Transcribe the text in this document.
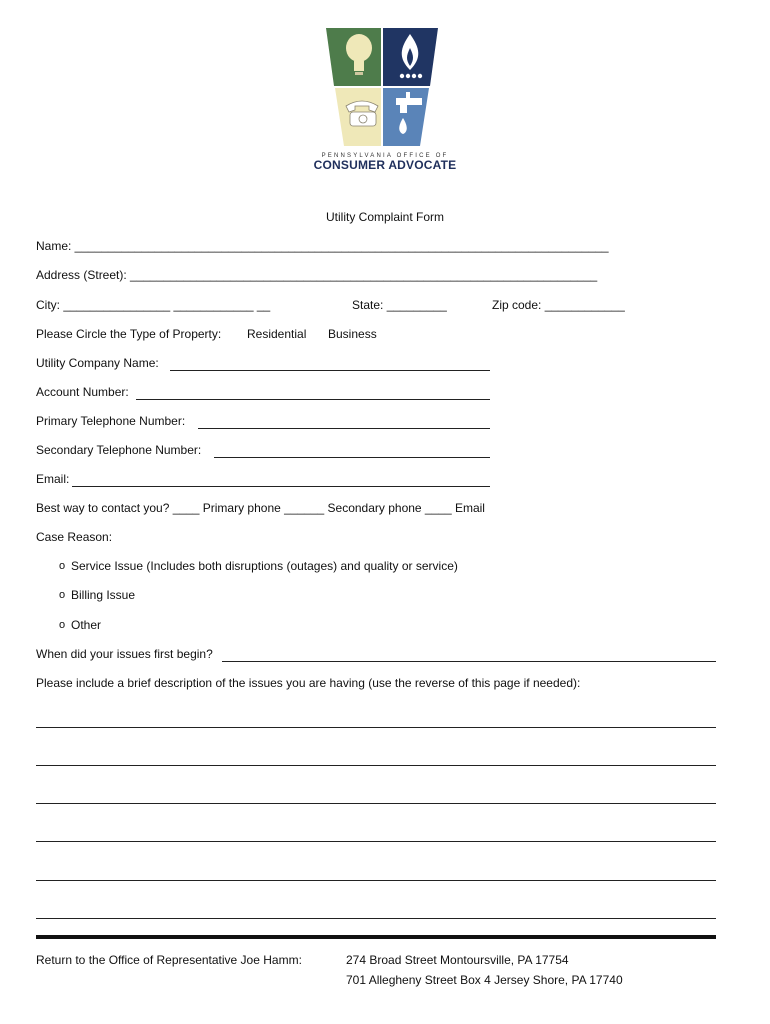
PENNSYLVANIA OFFICE OF
CONSUMER ADVOCATE
Utility Complaint Form
Name: ________________________________________________________________________________
Address (Street): ______________________________________________________________________
City: ________________ ____________ __	State: _________	Zip code: ____________
Please Circle the Type of Property: Residential Business
Utility Company Name:
Account Number:
Primary Telephone Number:
Secondary Telephone Number:
Email:
Best way to contact you? ____ Primary phone ______ Secondary phone ____ Email
Case Reason:
o Service Issue (Includes both disruptions (outages) and quality or service)
o Billing Issue
o Other
When did your issues first begin?
Please include a brief description of the issues you are having (use the reverse of this page if needed):
Return to the Office of Representative Joe Hamm:	274 Broad Street Montoursville, PA 17754
701 Allegheny Street Box 4 Jersey Shore, PA 17740
